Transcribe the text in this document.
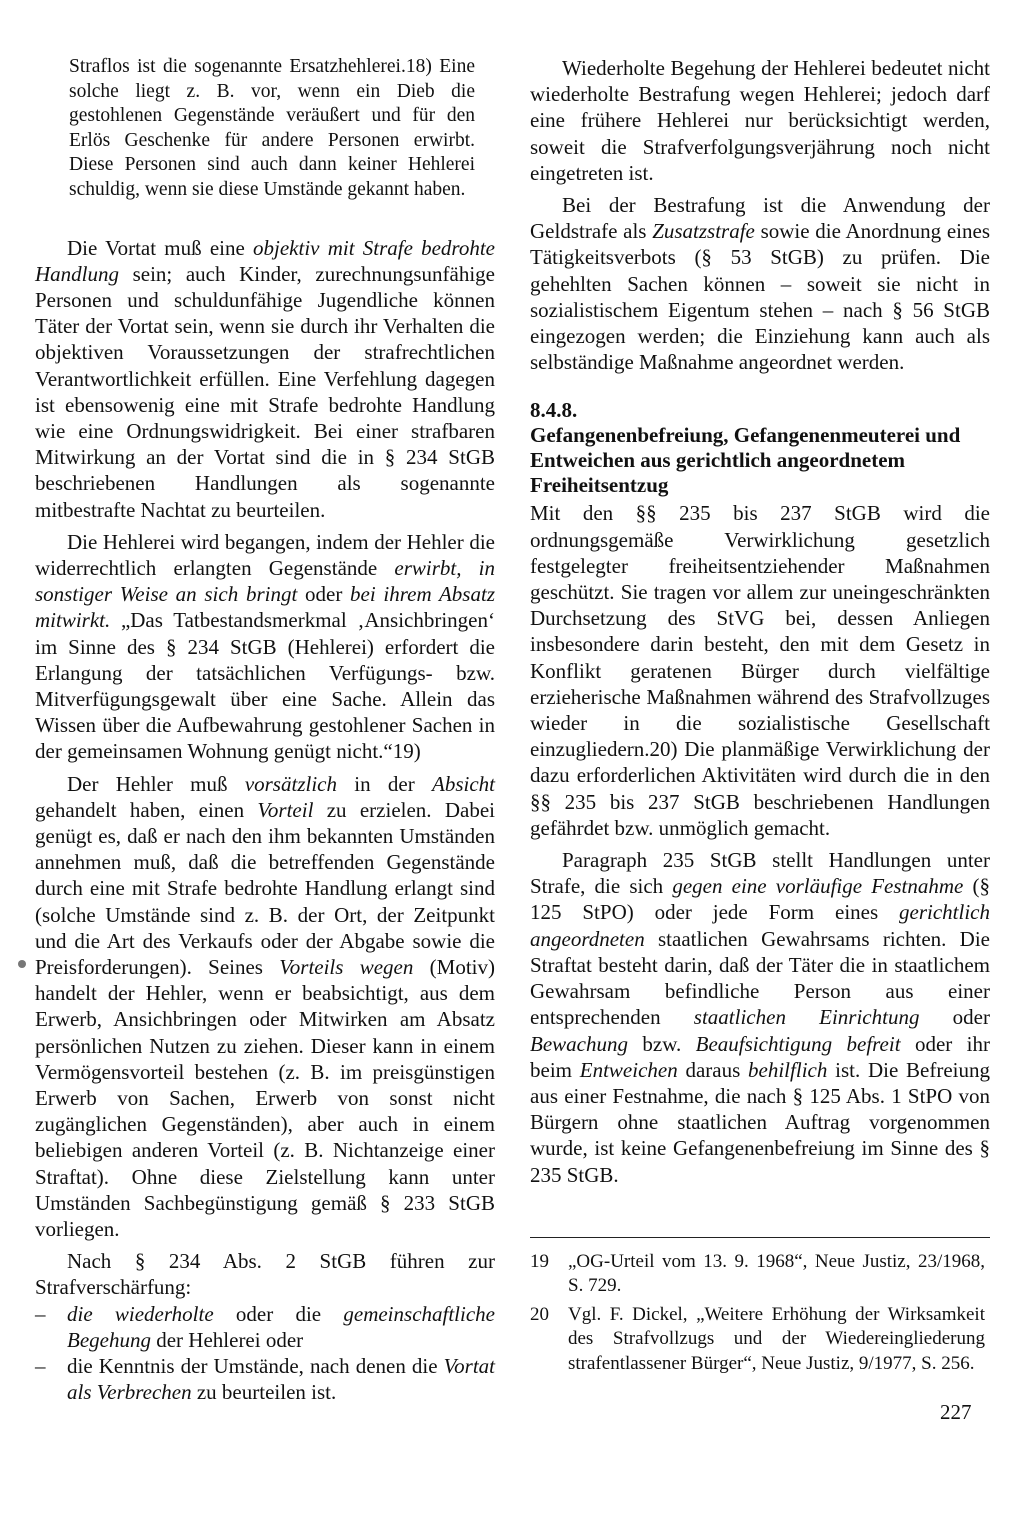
Straflos ist die sogenannte Ersatzhehlerei.18) Eine solche liegt z. B. vor, wenn ein Dieb die gestohlenen Gegenstände veräußert und für den Erlös Geschenke für andere Personen erwirbt. Diese Personen sind auch dann keiner Hehlerei schuldig, wenn sie diese Umstände gekannt haben.

Die Vortat muß eine objektiv mit Strafe bedrohte Handlung sein; auch Kinder, zurechnungsunfähige Personen und schuldunfähige Jugendliche können Täter der Vortat sein, wenn sie durch ihr Verhalten die objektiven Voraussetzungen der strafrechtlichen Verantwortlichkeit erfüllen. Eine Verfehlung dagegen ist ebensowenig eine mit Strafe bedrohte Handlung wie eine Ordnungswidrigkeit. Bei einer strafbaren Mitwirkung an der Vortat sind die in § 234 StGB beschriebenen Handlungen als sogenannte mitbestrafte Nachtat zu beurteilen.

Die Hehlerei wird begangen, indem der Hehler die widerrechtlich erlangten Gegenstände erwirbt, in sonstiger Weise an sich bringt oder bei ihrem Absatz mitwirkt. „Das Tatbestandsmerkmal ‚Ansichbringen‘ im Sinne des § 234 StGB (Hehlerei) erfordert die Erlangung der tatsächlichen Verfügungs- bzw. Mitverfügungsgewalt über eine Sache. Allein das Wissen über die Aufbewahrung gestohlener Sachen in der gemeinsamen Wohnung genügt nicht.“19)

Der Hehler muß vorsätzlich in der Absicht gehandelt haben, einen Vorteil zu erzielen. Dabei genügt es, daß er nach den ihm bekannten Umständen annehmen muß, daß die betreffenden Gegenstände durch eine mit Strafe bedrohte Handlung erlangt sind (solche Umstände sind z. B. der Ort, der Zeitpunkt und die Art des Verkaufs oder der Abgabe sowie die Preisforderungen). Seines Vorteils wegen (Motiv) handelt der Hehler, wenn er beabsichtigt, aus dem Erwerb, Ansichbringen oder Mitwirken am Absatz persönlichen Nutzen zu ziehen. Dieser kann in einem Vermögensvorteil bestehen (z. B. im preisgünstigen Erwerb von Sachen, Erwerb von sonst nicht zugänglichen Gegenständen), aber auch in einem beliebigen anderen Vorteil (z. B. Nichtanzeige einer Straftat). Ohne diese Zielstellung kann unter Umständen Sachbegünstigung gemäß § 233 StGB vorliegen.

Nach § 234 Abs. 2 StGB führen zur Strafverschärfung:

– die wiederholte oder die gemeinschaftliche Begehung der Hehlerei oder
– die Kenntnis der Umstände, nach denen die Vortat als Verbrechen zu beurteilen ist.

Wiederholte Begehung der Hehlerei bedeutet nicht wiederholte Bestrafung wegen Hehlerei; jedoch darf eine frühere Hehlerei nur berücksichtigt werden, soweit die Strafverfolgungsverjährung noch nicht eingetreten ist.

Bei der Bestrafung ist die Anwendung der Geldstrafe als Zusatzstrafe sowie die Anordnung eines Tätigkeitsverbots (§ 53 StGB) zu prüfen. Die gehehlten Sachen können – soweit sie nicht in sozialistischem Eigentum stehen – nach § 56 StGB eingezogen werden; die Einziehung kann auch als selbständige Maßnahme angeordnet werden.

8.4.8.
Gefangenenbefreiung, Gefangenenmeuterei und Entweichen aus gerichtlich angeordnetem Freiheitsentzug

Mit den §§ 235 bis 237 StGB wird die ordnungsgemäße Verwirklichung gesetzlich festgelegter freiheitsentziehender Maßnahmen geschützt. Sie tragen vor allem zur uneingeschränkten Durchsetzung des StVG bei, dessen Anliegen insbesondere darin besteht, den mit dem Gesetz in Konflikt geratenen Bürger durch vielfältige erzieherische Maßnahmen während des Strafvollzuges wieder in die sozialistische Gesellschaft einzugliedern.20) Die planmäßige Verwirklichung der dazu erforderlichen Aktivitäten wird durch die in den §§ 235 bis 237 StGB beschriebenen Handlungen gefährdet bzw. unmöglich gemacht.

Paragraph 235 StGB stellt Handlungen unter Strafe, die sich gegen eine vorläufige Festnahme (§ 125 StPO) oder jede Form eines gerichtlich angeordneten staatlichen Gewahrsams richten. Die Straftat besteht darin, daß der Täter die in staatlichem Gewahrsam befindliche Person aus einer entsprechenden staatlichen Einrichtung oder Bewachung bzw. Beaufsichtigung befreit oder ihr beim Entweichen daraus behilflich ist. Die Befreiung aus einer Festnahme, die nach § 125 Abs. 1 StPO von Bürgern ohne staatlichen Auftrag vorgenommen wurde, ist keine Gefangenenbefreiung im Sinne des § 235 StGB.

19 „OG-Urteil vom 13. 9. 1968“, Neue Justiz, 23/1968, S. 729.
20 Vgl. F. Dickel, „Weitere Erhöhung der Wirksamkeit des Strafvollzugs und der Wiedereingliederung strafentlassener Bürger“, Neue Justiz, 9/1977, S. 256.
227
